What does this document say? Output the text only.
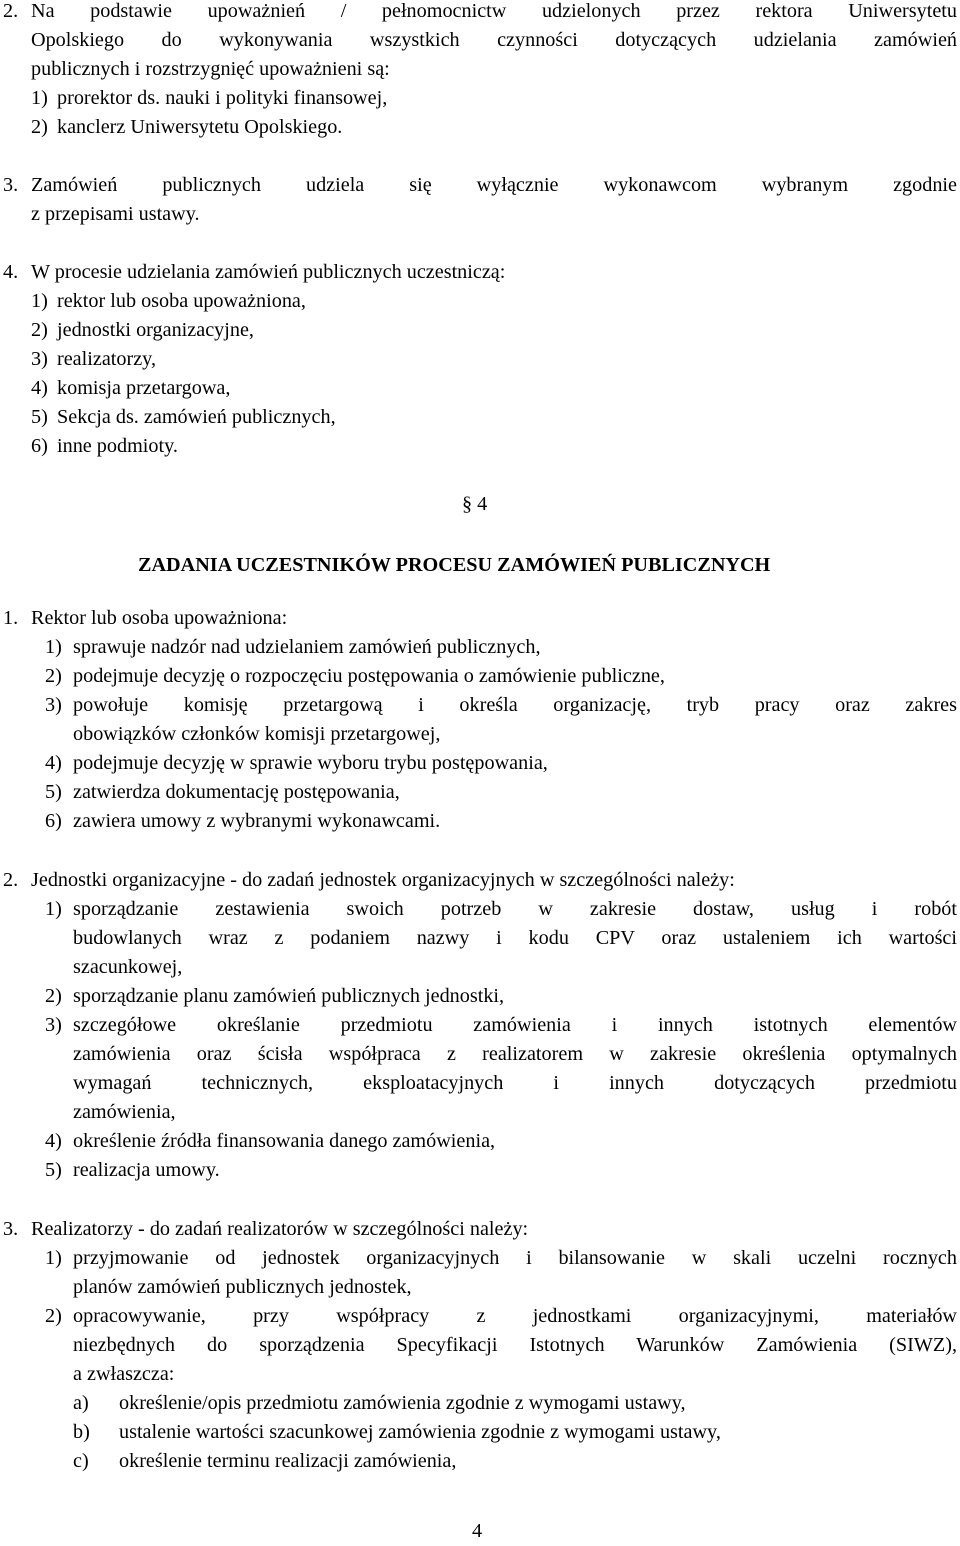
2. Na podstawie upoważnień / pełnomocnictw udzielonych przez rektora Uniwersytetu
Opolskiego do wykonywania wszystkich czynności dotyczących udzielania zamówień
publicznych i rozstrzygnięć upoważnieni są:
1) prorektor ds. nauki i polityki finansowej,
2) kanclerz Uniwersytetu Opolskiego.
3. Zamówień publicznych udziela się wyłącznie wykonawcom wybranym zgodnie
z przepisami ustawy.
4. W procesie udzielania zamówień publicznych uczestniczą:
1) rektor lub osoba upoważniona,
2) jednostki organizacyjne,
3) realizatorzy,
4) komisja przetargowa,
5) Sekcja ds. zamówień publicznych,
6) inne podmioty.
§ 4
ZADANIA UCZESTNIKÓW PROCESU ZAMÓWIEŃ PUBLICZNYCH
1. Rektor lub osoba upoważniona:
1) sprawuje nadzór nad udzielaniem zamówień publicznych,
2) podejmuje decyzję o rozpoczęciu postępowania o zamówienie publiczne,
3) powołuje komisję przetargową i określa organizację, tryb pracy oraz zakres
obowiązków członków komisji przetargowej,
4) podejmuje decyzję w sprawie wyboru trybu postępowania,
5) zatwierdza dokumentację postępowania,
6) zawiera umowy z wybranymi wykonawcami.
2. Jednostki organizacyjne - do zadań jednostek organizacyjnych w szczególności należy:
1) sporządzanie zestawienia swoich potrzeb w zakresie dostaw, usług i robót
budowlanych wraz z podaniem nazwy i kodu CPV oraz ustaleniem ich wartości
szacunkowej,
2) sporządzanie planu zamówień publicznych jednostki,
3) szczegółowe określanie przedmiotu zamówienia i innych istotnych elementów
zamówienia oraz ścisła współpraca z realizatorem w zakresie określenia optymalnych
wymagań technicznych, eksploatacyjnych i innych dotyczących przedmiotu
zamówienia,
4) określenie źródła finansowania danego zamówienia,
5) realizacja umowy.
3. Realizatorzy - do zadań realizatorów w szczególności należy:
1) przyjmowanie od jednostek organizacyjnych i bilansowanie w skali uczelni rocznych
planów zamówień publicznych jednostek,
2) opracowywanie, przy współpracy z jednostkami organizacyjnymi, materiałów
niezbędnych do sporządzenia Specyfikacji Istotnych Warunków Zamówienia (SIWZ),
a zwłaszcza:
a) określenie/opis przedmiotu zamówienia zgodnie z wymogami ustawy,
b) ustalenie wartości szacunkowej zamówienia zgodnie z wymogami ustawy,
c) określenie terminu realizacji zamówienia,
4
